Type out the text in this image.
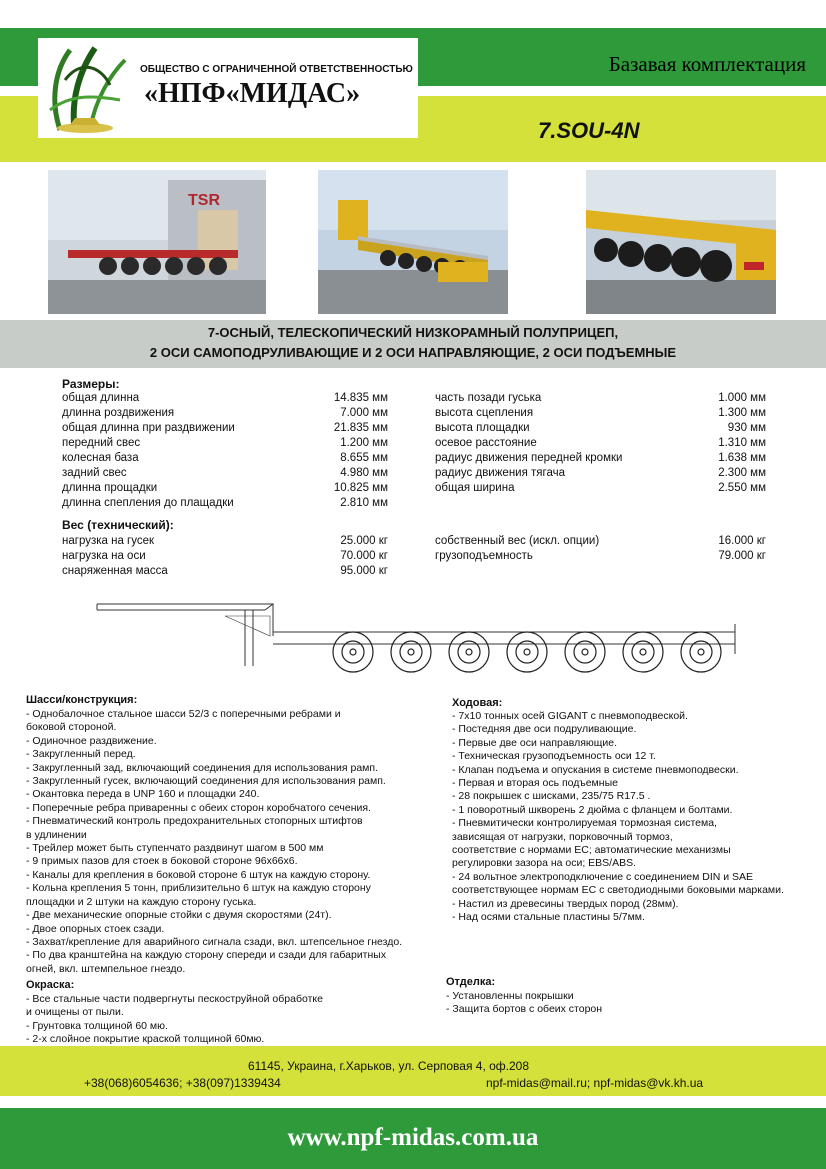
ОБЩЕСТВО С ОГРАНИЧЕННОЙ ОТВЕТСТВЕННОСТЬЮ
«НПФ«МИДАС»
Базавая комплектация
7.SOU-4N
TSR
7-ОСНЫЙ, ТЕЛЕСКОПИЧЕСКИЙ НИЗКОРАМНЫЙ ПОЛУПРИЦЕП,
2 ОСИ САМОПОДРУЛИВАЮЩИЕ И 2 ОСИ НАПРАВЛЯЮЩИЕ, 2 ОСИ ПОДЪЕМНЫЕ
Размеры:
общая длинна	14.835 мм
длинна роздвижения	7.000 мм
общая длинна при раздвижении	21.835 мм
передний свес	1.200 мм
колесная база	8.655 мм
задний свес	4.980 мм
длинна прощадки	10.825 мм
длинна спепления до плащадки	2.810 мм
часть позади гуська	1.000 мм
высота сцепления	1.300 мм
высота площадки	930 мм
осевое расстояние	1.310 мм
радиус движения передней кромки	1.638 мм
радиус движения тягача	2.300 мм
общая ширина	2.550 мм
Вес (технический):
нагрузка на гусек	25.000 кг
нагрузка на оси	70.000 кг
снаряженная масса	95.000 кг
собственный вес (искл. опции)	16.000 кг
грузоподъемность	79.000 кг
Шасси/конструкция:
- Однобалочное стальное шасси 52/3 с поперечными ребрами и
боковой стороной.
- Одиночное раздвижение.
- Закругленный перед.
- Закругленный зад, включающий соединения для использования рамп.
- Закругленный гусек, включающий соединения для использования рамп.
- Окантовка переда в UNP 160 и площадки 240.
- Поперечные ребра приваренны с обеих сторон коробчатого сечения.
- Пневматический контроль предохранительных стопорных штифтов
в удлинении
- Трейлер может быть ступенчато раздвинут шагом в 500 мм
- 9 примых пазов для стоек в боковой стороне 96х66х6.
- Каналы для крепления в боковой стороне 6 штук на каждую сторону.
- Кольна крепления 5 тонн, приблизительно 6 штук на каждую сторону
площадки и 2 штуки на каждую сторону гуська.
- Две механические опорные стойки с двумя скоростями (24т).
- Двое опорных стоек сзади.
- Захват/крепление для аварийного сигнала сзади, вкл. штепсельное гнездо.
- По два кранштейна на каждую сторону спереди и сзади для габаритных
огней, вкл. штемпельное гнездо.
Окраска:
- Все стальные части подвергнуты пескоструйной обработке
и очищены от пыли.
- Грунтовка толщиной 60 мю.
- 2-х слойное покрытие краской толщиной 60мю.
Ходовая:
- 7х10 тонных осей GIGANT с пневмоподвеской.
- Постедняя две оси подруливающие.
- Первые две оси направляющие.
- Техническая грузоподъемность оси 12 т.
- Клапан подъема и опускания в системе пневмоподвески.
- Первая и вторая ось подъемные
- 28 покрышек с шисками, 235/75 R17.5 .
- 1 поворотный шкворень 2 дюйма с фланцем и болтами.
- Пневмитически контролируемая тормозная система,
зависящая от нагрузки, порковочный тормоз,
соответствие с нормами ЕС; автоматические механизмы
регулировки зазора на оси; EBS/ABS.
- 24 вольтное электроподключение с соединением DIN и SAE
соответствующее нормам ЕС с светодиодными боковыми марками.
- Настил из древесины твердых пород (28мм).
- Над осями стальные пластины 5/7мм.
Отделка:
- Установленны покрышки
- Защита бортов с обеих сторон
61145, Украина, г.Харьков, ул. Серповая 4, оф.208
+38(068)6054636; +38(097)1339434	npf-midas@mail.ru; npf-midas@vk.kh.ua
www.npf-midas.com.ua
